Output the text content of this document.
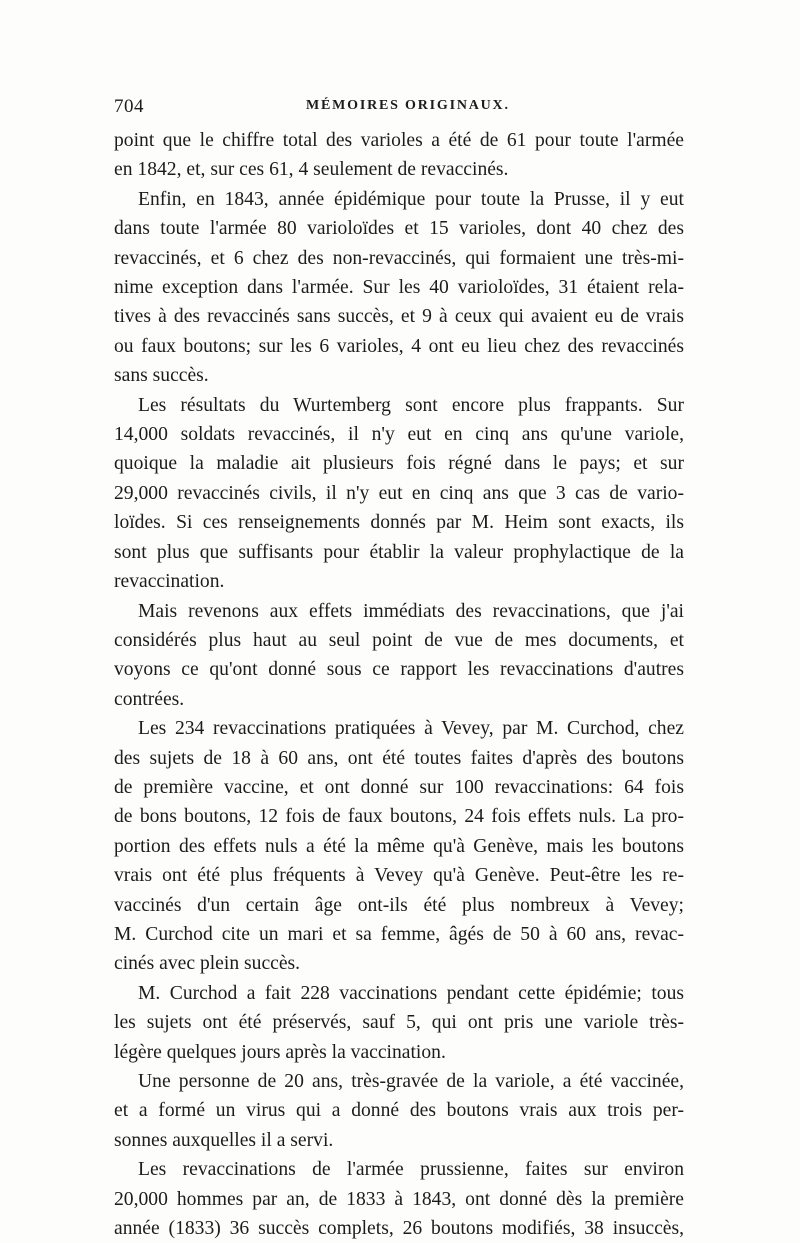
704	MÉMOIRES ORIGINAUX.
point que le chiffre total des varioles a été de 61 pour toute l'armée
en 1842, et, sur ces 61, 4 seulement de revaccinés.
Enfin, en 1843, année épidémique pour toute la Prusse, il y eut
dans toute l'armée 80 varioloïdes et 15 varioles, dont 40 chez des
revaccinés, et 6 chez des non-revaccinés, qui formaient une très-mi-
nime exception dans l'armée. Sur les 40 varioloïdes, 31 étaient rela-
tives à des revaccinés sans succès, et 9 à ceux qui avaient eu de vrais
ou faux boutons; sur les 6 varioles, 4 ont eu lieu chez des revaccinés
sans succès.
Les résultats du Wurtemberg sont encore plus frappants. Sur
14,000 soldats revaccinés, il n'y eut en cinq ans qu'une variole,
quoique la maladie ait plusieurs fois régné dans le pays; et sur
29,000 revaccinés civils, il n'y eut en cinq ans que 3 cas de vario-
loïdes. Si ces renseignements donnés par M. Heim sont exacts, ils
sont plus que suffisants pour établir la valeur prophylactique de la
revaccination.
Mais revenons aux effets immédiats des revaccinations, que j'ai
considérés plus haut au seul point de vue de mes documents, et
voyons ce qu'ont donné sous ce rapport les revaccinations d'autres
contrées.
Les 234 revaccinations pratiquées à Vevey, par M. Curchod, chez
des sujets de 18 à 60 ans, ont été toutes faites d'après des boutons
de première vaccine, et ont donné sur 100 revaccinations: 64 fois
de bons boutons, 12 fois de faux boutons, 24 fois effets nuls. La pro-
portion des effets nuls a été la même qu'à Genève, mais les boutons
vrais ont été plus fréquents à Vevey qu'à Genève. Peut-être les re-
vaccinés d'un certain âge ont-ils été plus nombreux à Vevey;
M. Curchod cite un mari et sa femme, âgés de 50 à 60 ans, revac-
cinés avec plein succès.
M. Curchod a fait 228 vaccinations pendant cette épidémie; tous
les sujets ont été préservés, sauf 5, qui ont pris une variole très-
légère quelques jours après la vaccination.
Une personne de 20 ans, très-gravée de la variole, a été vaccinée,
et a formé un virus qui a donné des boutons vrais aux trois per-
sonnes auxquelles il a servi.
Les revaccinations de l'armée prussienne, faites sur environ
20,000 hommes par an, de 1833 à 1843, ont donné dès la première
année (1833) 36 succès complets, 26 boutons modifiés, 38 insuccès,
